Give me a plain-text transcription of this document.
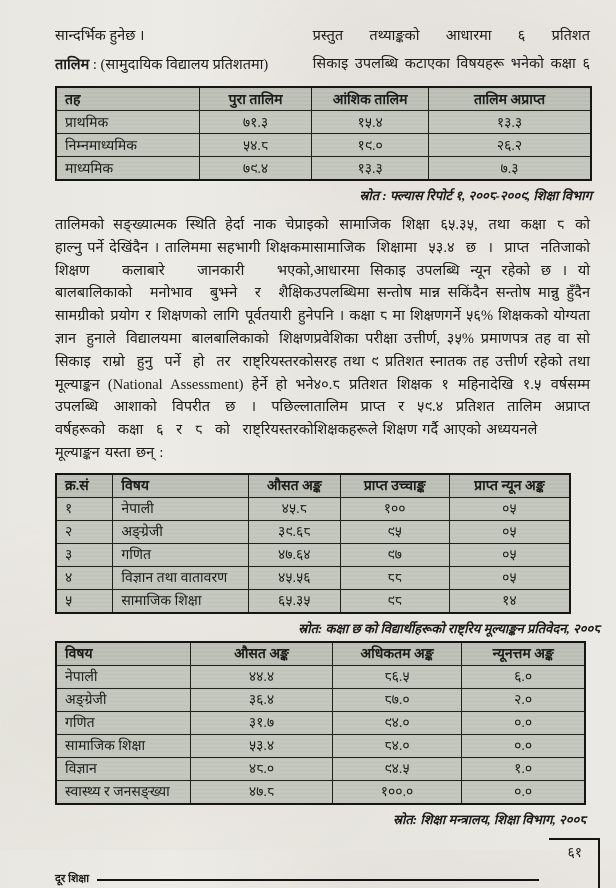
सान्दर्भिक हुनेछ ।
तालिम : (सामुदायिक विद्यालय प्रतिशतमा)
प्रस्तुत तथ्याङ्कको आधारमा ६ प्रतिशत
सिकाइ उपलब्धि कटाएका विषयहरू भनेको कक्षा ६
तह	पुरा तालिम	आंशिक तालिम	तालिम अप्राप्त
प्राथमिक	७१.३	१५.४	१३.३
निम्नमाध्यमिक	५४.८	१९.०	२६.२
माध्यमिक	७९.४	१३.३	७.३
स्रोत : फ्ल्यास रिपोर्ट १, २००८-२००९, शिक्षा विभाग
तालिमको सङ्ख्यात्मक स्थिति हेर्दा नाक चेप्राइ हाल्नु पर्ने देखिंदैन । तालिममा सहभागी शिक्षकमा शिक्षण कलाबारे जानकारी भएको, बालबालिकाको मनोभाव बुझ्ने र शैक्षिक सामग्रीको प्रयोग र शिक्षणको लागि पूर्वतयारी हुने ज्ञान हुनाले विद्यालयमा बालबालिकाको शिक्षण सिकाइ राम्रो हुनु पर्ने हो तर राष्ट्रियस्तरको मूल्याङ्कन (National Assessment) हेर्ने हो भने उपलब्धि आशाको विपरीत छ । पछिल्ला वर्षहरूको कक्षा ६ र ८ को राष्ट्रियस्तरको मूल्याङ्कन यस्ता छन् :
को सामाजिक शिक्षा ६५.३५, तथा कक्षा ८ को सामाजिक शिक्षामा ५३.४ छ । प्राप्त नतिजाको आधारमा सिकाइ उपलब्धि न्यून रहेको छ । यो उपलब्धिमा सन्तोष मान्न सकिंदैन सन्तोष मान्नु हुँदैन पनि । कक्षा ८ मा शिक्षणगर्ने ५६% शिक्षकको योग्यता प्रवेशिका परीक्षा उत्तीर्ण, ३५% प्रमाणपत्र तह वा सो सरह तथा ९ प्रतिशत स्नातक तह उत्तीर्ण रहेको तथा ४०.८ प्रतिशत शिक्षक १ महिनादेखि १.५ वर्षसम्म तालिम प्राप्त र ५९.४ प्रतिशत तालिम अप्राप्त शिक्षकहरूले शिक्षण गर्दै आएको अध्ययनले
क्र.सं	विषय	औसत अङ्क	प्राप्त उच्चाङ्क	प्राप्त न्यून अङ्क
१	नेपाली	४५.८	१००	०५
२	अङ्ग्रेजी	३९.६८	९५	०५
३	गणित	४७.६४	९७	०५
४	विज्ञान तथा वातावरण	४५.५६	८८	०५
५	सामाजिक शिक्षा	६५.३५	९८	१४
स्रोत: कक्षा छ को विद्यार्थीहरूको राष्ट्रिय मूल्याङ्कन प्रतिवेदन, २००८
विषय	औसत अङ्क	अधिकतम अङ्क	न्यूनत्तम अङ्क
नेपाली	४४.४	८६.५	६.०
अङ्ग्रेजी	३६.४	८७.०	२.०
गणित	३१.७	९४.०	०.०
सामाजिक शिक्षा	५३.४	८४.०	०.०
विज्ञान	४८.०	९४.५	१.०
स्वास्थ्य र जनसङ्ख्या	४७.८	१००.०	०.०
स्रोत: शिक्षा मन्त्रालय, शिक्षा विभाग, २००८
दूर शिक्षा
६१
